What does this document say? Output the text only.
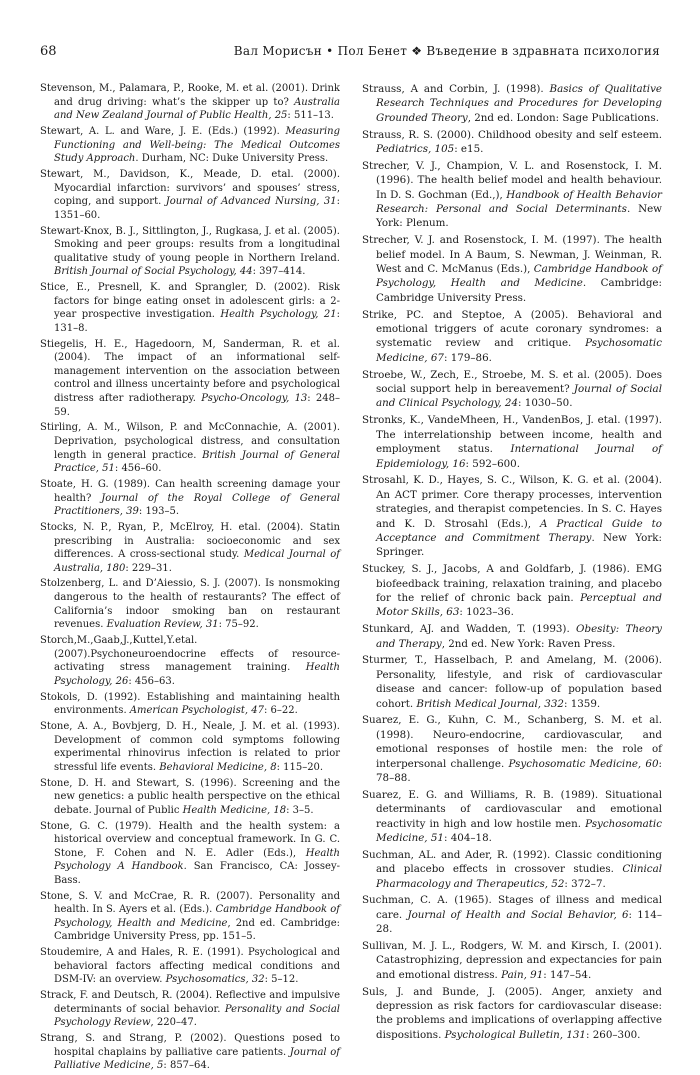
68	Вал Морисън • Пол Бенет ❖ Въведение в здравната психология

Stevenson, M., Palamara, P., Rooke, M. et al. (2001). Drink and drug driving: what’s the skipper up to? Australia and New Zealand Journal of Public Health, 25: 511–13.

Stewart, A. L. and Ware, J. E. (Eds.) (1992). Measuring Functioning and Well-being: The Medical Outcomes Study Approach. Durham, NC: Duke University Press.

Stewart, M., Davidson, K., Meade, D. etal. (2000). Myocardial infarction: survivors’ and spouses’ stress, coping, and support. Journal of Advanced Nursing, 31: 1351–60.

Stewart-Knox, B. J., Sittlington, J., Rugkasa, J. et al. (2005). Smoking and peer groups: results from a longitudinal qualitative study of young people in Northern Ireland. British Journal of Social Psychology, 44: 397–414.

Stice, E., Presnell, K. and Sprangler, D. (2002). Risk factors for binge eating onset in adolescent girls: a 2-year prospective investigation. Health Psychology, 21: 131–8.

Stiegelis, H. E., Hagedoorn, M, Sanderman, R. et al. (2004). The impact of an informational self-management intervention on the association between control and illness uncertainty before and psychological distress after radiotherapy. Psycho-Oncology, 13: 248–59.

Stirling, A. M., Wilson, P. and McConnachie, A. (2001). Deprivation, psychological distress, and consultation length in general practice. British Journal of General Practice, 51: 456–60.

Stoate, H. G. (1989). Can health screening damage your health? Journal of the Royal College of General Practitioners, 39: 193–5.

Stocks, N. P., Ryan, P., McElroy, H. etal. (2004). Statin prescribing in Australia: socioeconomic and sex differences. A cross-sectional study. Medical Journal of Australia, 180: 229–31.

Stolzenberg, L. and D’Aiessio, S. J. (2007). Is nonsmoking dangerous to the health of restaurants? The effect of California’s indoor smoking ban on restaurant revenues. Evaluation Review, 31: 75–92.

Storch,M.,Gaab,J.,Kuttel,Y.etal.(2007).Psychoneuroendocrine effects of resource-activating stress management training. Health Psychology, 26: 456–63.

Stokols, D. (1992). Establishing and maintaining health environments. American Psychologist, 47: 6–22.

Stone, A. A., Bovbjerg, D. H., Neale, J. M. et al. (1993). Development of common cold symptoms following experimental rhinovirus infection is related to prior stressful life events. Behavioral Medicine, 8: 115–20.

Stone, D. H. and Stewart, S. (1996). Screening and the new genetics: a public health perspective on the ethical debate. Journal of Public Health Medicine, 18: 3–5.

Stone, G. C. (1979). Health and the health system: a historical overview and conceptual framework. In G. C. Stone, F. Cohen and N. E. Adler (Eds.), Health Psychology A Handbook. San Francisco, CA: Jossey-Bass.

Stone, S. V. and McCrae, R. R. (2007). Personality and health. In S. Ayers et al. (Eds.). Cambridge Handbook of Psychology, Health and Medicine, 2nd ed. Cambridge: Cambridge University Press, pp. 151–5.

Stoudemire, A and Hales, R. E. (1991). Psychological and behavioral factors affecting medical conditions and DSM-IV: an overview. Psychosomatics, 32: 5–12.

Strack, F. and Deutsch, R. (2004). Reflective and impulsive determinants of social behavior. Personality and Social Psychology Review, 220–47.

Strang, S. and Strang, P. (2002). Questions posed to hospital chaplains by palliative care patients. Journal of Palliative Medicine, 5: 857–64.

Strauss, A and Corbin, J. (1998). Basics of Qualitative Research Techniques and Procedures for Developing Grounded Theory, 2nd ed. London: Sage Publications.

Strauss, R. S. (2000). Childhood obesity and self esteem. Pediatrics, 105: e15.

Strecher, V. J., Champion, V. L. and Rosenstock, I. M. (1996). The health belief model and health behaviour. In D. S. Gochman (Ed.,), Handbook of Health Behavior Research: Personal and Social Determinants. New York: Plenum.

Strecher, V. J. and Rosenstock, I. M. (1997). The health belief model. In A Baum, S. Newman, J. Weinman, R. West and C. McManus (Eds.), Cambridge Handbook of Psychology, Health and Medicine. Cambridge: Cambridge University Press.

Strike, PC. and Steptoe, A (2005). Behavioral and emotional triggers of acute coronary syndromes: a systematic review and critique. Psychosomatic Medicine, 67: 179–86.

Stroebe, W., Zech, E., Stroebe, M. S. et al. (2005). Does social support help in bereavement? Journal of Social and Clinical Psychology, 24: 1030–50.

Stronks, K., VandeMheen, H., VandenBos, J. etal. (1997). The interrelationship between income, health and employment status. International Journal of Epidemiology, 16: 592–600.

Strosahl, K. D., Hayes, S. C., Wilson, K. G. et al. (2004). An ACT primer. Core therapy processes, intervention strategies, and therapist competencies. In S. C. Hayes and K. D. Strosahl (Eds.), A Practical Guide to Acceptance and Commitment Therapy. New York: Springer.

Stuckey, S. J., Jacobs, A and Goldfarb, J. (1986). EMG biofeedback training, relaxation training, and placebo for the relief of chronic back pain. Perceptual and Motor Skills, 63: 1023–36.

Stunkard, AJ. and Wadden, T. (1993). Obesity: Theory and Therapy, 2nd ed. New York: Raven Press.

Sturmer, T., Hasselbach, P. and Amelang, M. (2006). Personality, lifestyle, and risk of cardiovascular disease and cancer: follow-up of population based cohort. British Medical Journal, 332: 1359.

Suarez, E. G., Kuhn, C. M., Schanberg, S. M. et al. (1998). Neuro-endocrine, cardiovascular, and emotional responses of hostile men: the role of interpersonal challenge. Psychosomatic Medicine, 60: 78–88.

Suarez, E. G. and Williams, R. B. (1989). Situational determinants of cardiovascular and emotional reactivity in high and low hostile men. Psychosomatic Medicine, 51: 404–18.

Suchman, AL. and Ader, R. (1992). Classic conditioning and placebo effects in crossover studies. Clinical Pharmacology and Therapeutics, 52: 372–7.

Suchman, C. A. (1965). Stages of illness and medical care. Journal of Health and Social Behavior, 6: 114–28.

Sullivan, M. J. L., Rodgers, W. M. and Kirsch, I. (2001). Catastrophizing, depression and expectancies for pain and emotional distress. Pain, 91: 147–54.

Suls, J. and Bunde, J. (2005). Anger, anxiety and depression as risk factors for cardiovascular disease: the problems and implications of overlapping affective dispositions. Psychological Bulletin, 131: 260–300.
